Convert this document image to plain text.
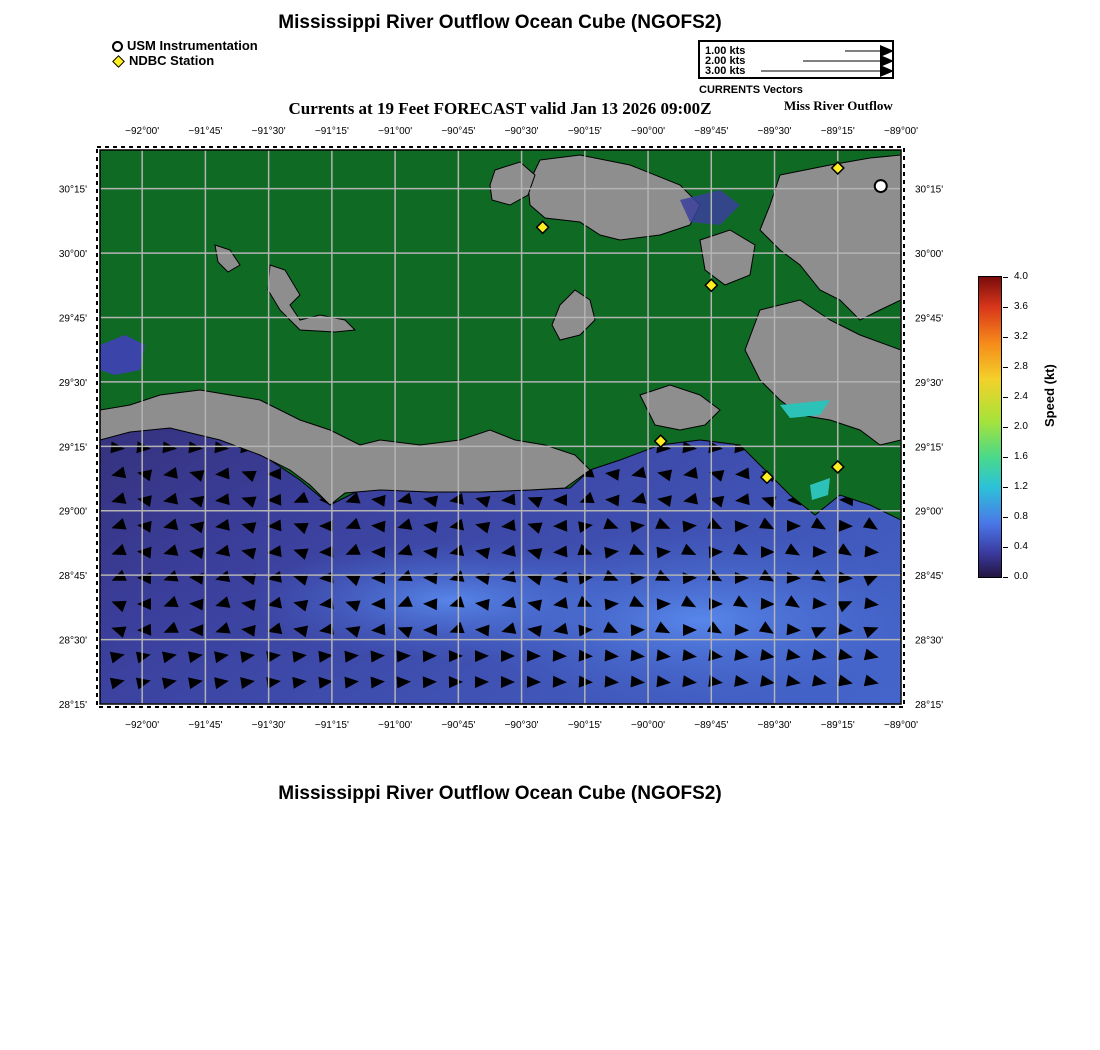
Mississippi River Outflow Ocean Cube (NGOFS2)
USM Instrumentation
NDBC Station
1.00 kts
2.00 kts
3.00 kts
CURRENTS Vectors
Currents at 19 Feet FORECAST valid Jan 13 2026 09:00Z	Miss River Outflow
−92°00'
−92°00'
−91°45'
−91°45'
−91°30'
−91°30'
−91°15'
−91°15'
−91°00'
−91°00'
−90°45'
−90°45'
−90°30'
−90°30'
−90°15'
−90°15'
−90°00'
−90°00'
−89°45'
−89°45'
−89°30'
−89°30'
−89°15'
−89°15'
−89°00'
−89°00'
30°15'	30°15'
30°00'	30°00'
29°45'	29°45'
29°30'	29°30'
29°15'	29°15'
29°00'	29°00'
28°45'	28°45'
28°30'	28°30'
28°15'	28°15'
4.0
3.6
3.2
2.8
2.4
2.0
1.6
1.2
0.8
0.4
0.0
Speed (kt)
Mississippi River Outflow Ocean Cube (NGOFS2)
